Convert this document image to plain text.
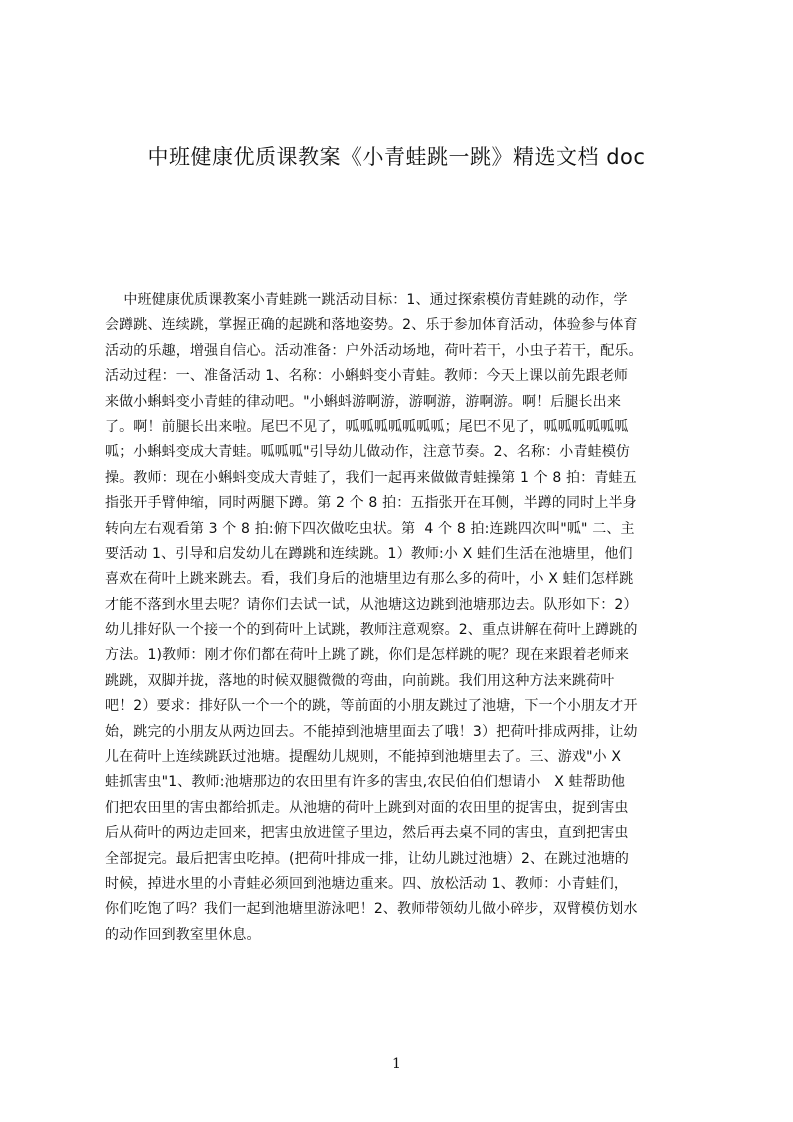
中班健康优质课教案《小青蛙跳一跳》精选文档 doc
中班健康优质课教案小青蛙跳一跳活动目标：1、通过探索模仿青蛙跳的动作，学
会蹲跳、连续跳，掌握正确的起跳和落地姿势。2、乐于参加体育活动，体验参与体育
活动的乐趣，增强自信心。活动准备：户外活动场地，荷叶若干，小虫子若干，配乐。
活动过程：一、准备活动 1、名称：小蝌蚪变小青蛙。教师：今天上课以前先跟老师
来做小蝌蚪变小青蛙的律动吧。"小蝌蚪游啊游，游啊游，游啊游。啊！后腿长出来
了。啊！前腿长出来啦。尾巴不见了，呱呱呱呱呱呱呱；尾巴不见了，呱呱呱呱呱呱
呱；小蝌蚪变成大青蛙。呱呱呱"引导幼儿做动作，注意节奏。2、名称：小青蛙模仿
操。教师：现在小蝌蚪变成大青蛙了，我们一起再来做做青蛙操第 1 个 8 拍：青蛙五
指张开手臂伸缩，同时两腿下蹲。第 2 个 8 拍：五指张开在耳侧，半蹲的同时上半身
转向左右观看第 3 个 8 拍:俯下四次做吃虫状。第  4 个 8 拍:连跳四次叫"呱" 二、主
要活动 1、引导和启发幼儿在蹲跳和连续跳。1）教师:小 X 蛙们生活在池塘里，他们
喜欢在荷叶上跳来跳去。看，我们身后的池塘里边有那么多的荷叶，小 X 蛙们怎样跳
才能不落到水里去呢？请你们去试一试，从池塘这边跳到池塘那边去。队形如下：2）
幼儿排好队一个接一个的到荷叶上试跳，教师注意观察。2、重点讲解在荷叶上蹲跳的
方法。1)教师：刚才你们都在荷叶上跳了跳，你们是怎样跳的呢？现在来跟着老师来
跳跳，双脚并拢，落地的时候双腿微微的弯曲，向前跳。我们用这种方法来跳荷叶
吧！2）要求：排好队一个一个的跳，等前面的小朋友跳过了池塘，下一个小朋友才开
始，跳完的小朋友从两边回去。不能掉到池塘里面去了哦！3）把荷叶排成两排，让幼
儿在荷叶上连续跳跃过池塘。提醒幼儿规则，不能掉到池塘里去了。三、游戏"小 X
蛙抓害虫"1、教师:池塘那边的农田里有许多的害虫,农民伯伯们想请小   X 蛙帮助他
们把农田里的害虫都给抓走。从池塘的荷叶上跳到对面的农田里的捉害虫，捉到害虫
后从荷叶的两边走回来，把害虫放进筐子里边，然后再去桌不同的害虫，直到把害虫
全部捉完。最后把害虫吃掉。(把荷叶排成一排，让幼儿跳过池塘）2、在跳过池塘的
时候，掉进水里的小青蛙必须回到池塘边重来。四、放松活动 1、教师：小青蛙们，
你们吃饱了吗？我们一起到池塘里游泳吧！2、教师带领幼儿做小碎步，双臂模仿划水
的动作回到教室里休息。
1
